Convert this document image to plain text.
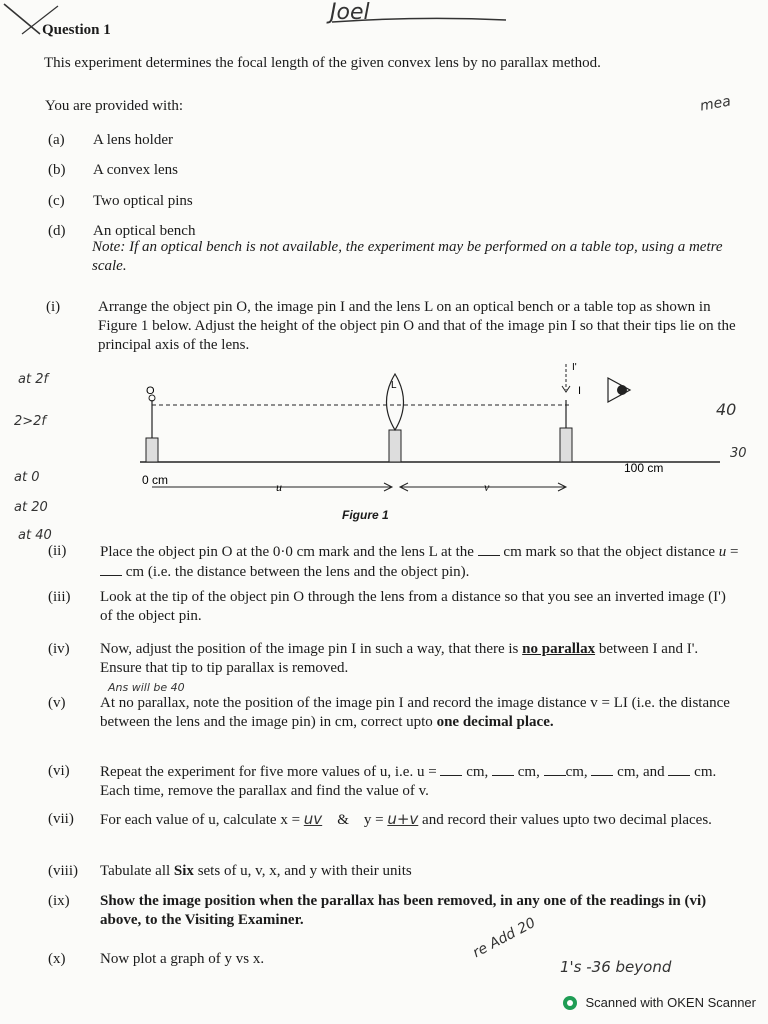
Joel
Question 1
This experiment determines the focal length of the given convex lens by no parallax method.
You are provided with:
(a) A lens holder
(b) A convex lens
(c) Two optical pins
(d) An optical bench
Note: If an optical bench is not available, the experiment may be performed on a table top, using a metre scale.
(i)	Arrange the object pin O, the image pin I and the lens L on an optical bench or a table top as shown in Figure 1 below. Adjust the height of the object pin O and that of the image pin I so that their tips lie on the principal axis of the lens.
O	L	I
I'
0 cm
100 cm
u	v
Figure 1
(ii) Place the object pin O at the 0·0 cm mark and the lens L at the cm mark so that the object distance u =  cm (i.e. the distance between the lens and the object pin).
(iii) Look at the tip of the object pin O through the lens from a distance so that you see an inverted image (I') of the object pin.
(iv) Now, adjust the position of the image pin I in such a way, that there is no parallax between I and I'. Ensure that tip to tip parallax is removed.
Ans will be 40
(v) At no parallax, note the position of the image pin I and record the image distance v = LI (i.e. the distance between the lens and the image pin) in cm, correct upto one decimal place.
(vi) Repeat the experiment for five more values of u, i.e. u =  cm,  cm, cm,  cm, and cm. Each time, remove the parallax and find the value of v.
(vii) For each value of u, calculate x = uv & y = u+v and record their values upto two decimal places.
(viii) Tabulate all Six sets of u, v, x, and y with their units
(ix) Show the image position when the parallax has been removed, in any one of the readings in (vi) above, to the Visiting Examiner.
(x) Now plot a graph of y vs x.
at 2f
2>2f
at 0
at 20
at 40
40
30
mea
re Add 20
1's -36 beyond
Scanned with OKEN Scanner
